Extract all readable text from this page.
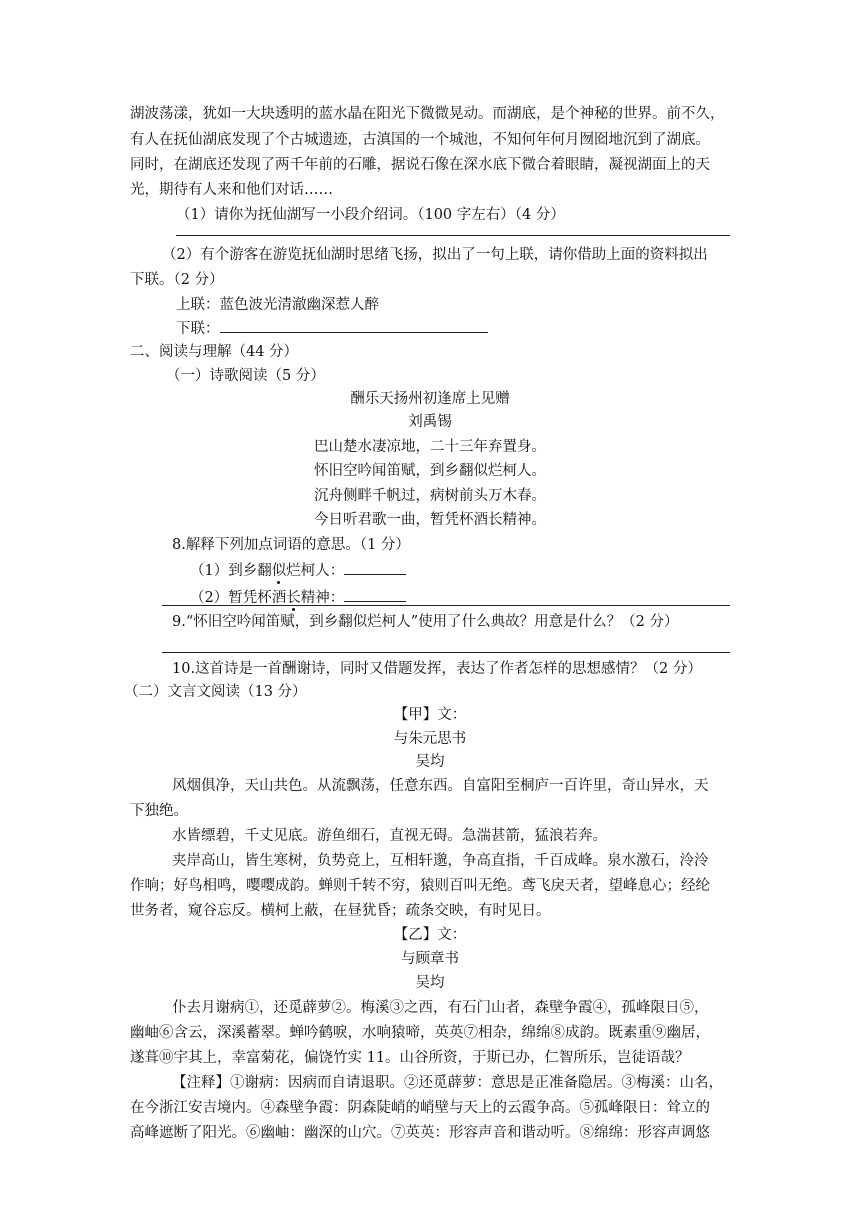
湖波荡漾，犹如一大块透明的蓝水晶在阳光下微微晃动。而湖底，是个神秘的世界。前不久，
有人在抚仙湖底发现了个古城遗迹，古滇国的一个城池，不知何年何月囫囵地沉到了湖底。
同时，在湖底还发现了两千年前的石雕，据说石像在深水底下微合着眼睛，凝视湖面上的天
光，期待有人来和他们对话……
（1）请你为抚仙湖写一小段介绍词。（100 字左右）（4 分）
（2）有个游客在游览抚仙湖时思绪飞扬，拟出了一句上联，请你借助上面的资料拟出
下联。（2 分）
上联：蓝色波光清澈幽深惹人醉
下联：
二、阅读与理解（44 分）
（一）诗歌阅读（5 分）
酬乐天扬州初逢席上见赠
刘禹锡
巴山楚水凄凉地，二十三年弃置身。
怀旧空吟闻笛赋，到乡翻似烂柯人。
沉舟侧畔千帆过，病树前头万木春。
今日听君歌一曲，暂凭杯酒长精神。
8.解释下列加点词语的意思。（1 分）
（1）到乡翻似烂柯人：
（2）暂凭杯酒长精神：
9.“怀旧空吟闻笛赋，到乡翻似烂柯人”使用了什么典故？用意是什么？（2 分）
10.这首诗是一首酬谢诗，同时又借题发挥，表达了作者怎样的思想感情？（2 分）
（二）文言文阅读（13 分）
【甲】文：
与朱元思书
吴均
风烟俱净，天山共色。从流飘荡，任意东西。自富阳至桐庐一百许里，奇山异水，天
下独绝。
水皆缥碧，千丈见底。游鱼细石，直视无碍。急湍甚箭，猛浪若奔。
夹岸高山，皆生寒树，负势竞上，互相轩邈，争高直指，千百成峰。泉水激石，泠泠
作响；好鸟相鸣，嘤嘤成韵。蝉则千转不穷，猿则百叫无绝。鸢飞戾天者，望峰息心；经纶
世务者，窥谷忘反。横柯上蔽，在昼犹昏；疏条交映，有时见日。
【乙】文：
与顾章书
吴均
仆去月谢病①，还觅薜萝②。梅溪③之西，有石门山者，森壁争霞④，孤峰限日⑤，
幽岫⑥含云，深溪蓄翠。蝉吟鹤唳，水响猿啼，英英⑦相杂，绵绵⑧成韵。既素重⑨幽居，
遂葺⑩宇其上，幸富菊花，偏饶竹实 11。山谷所资，于斯已办，仁智所乐，岂徒语哉？
【注释】①谢病：因病而自请退职。②还觅薜萝：意思是正准备隐居。③梅溪：山名，
在今浙江安吉境内。④森壁争霞：阴森陡峭的峭壁与天上的云霞争高。⑤孤峰限日：耸立的
高峰遮断了阳光。⑥幽岫：幽深的山穴。⑦英英：形容声音和谐动听。⑧绵绵：形容声调悠
